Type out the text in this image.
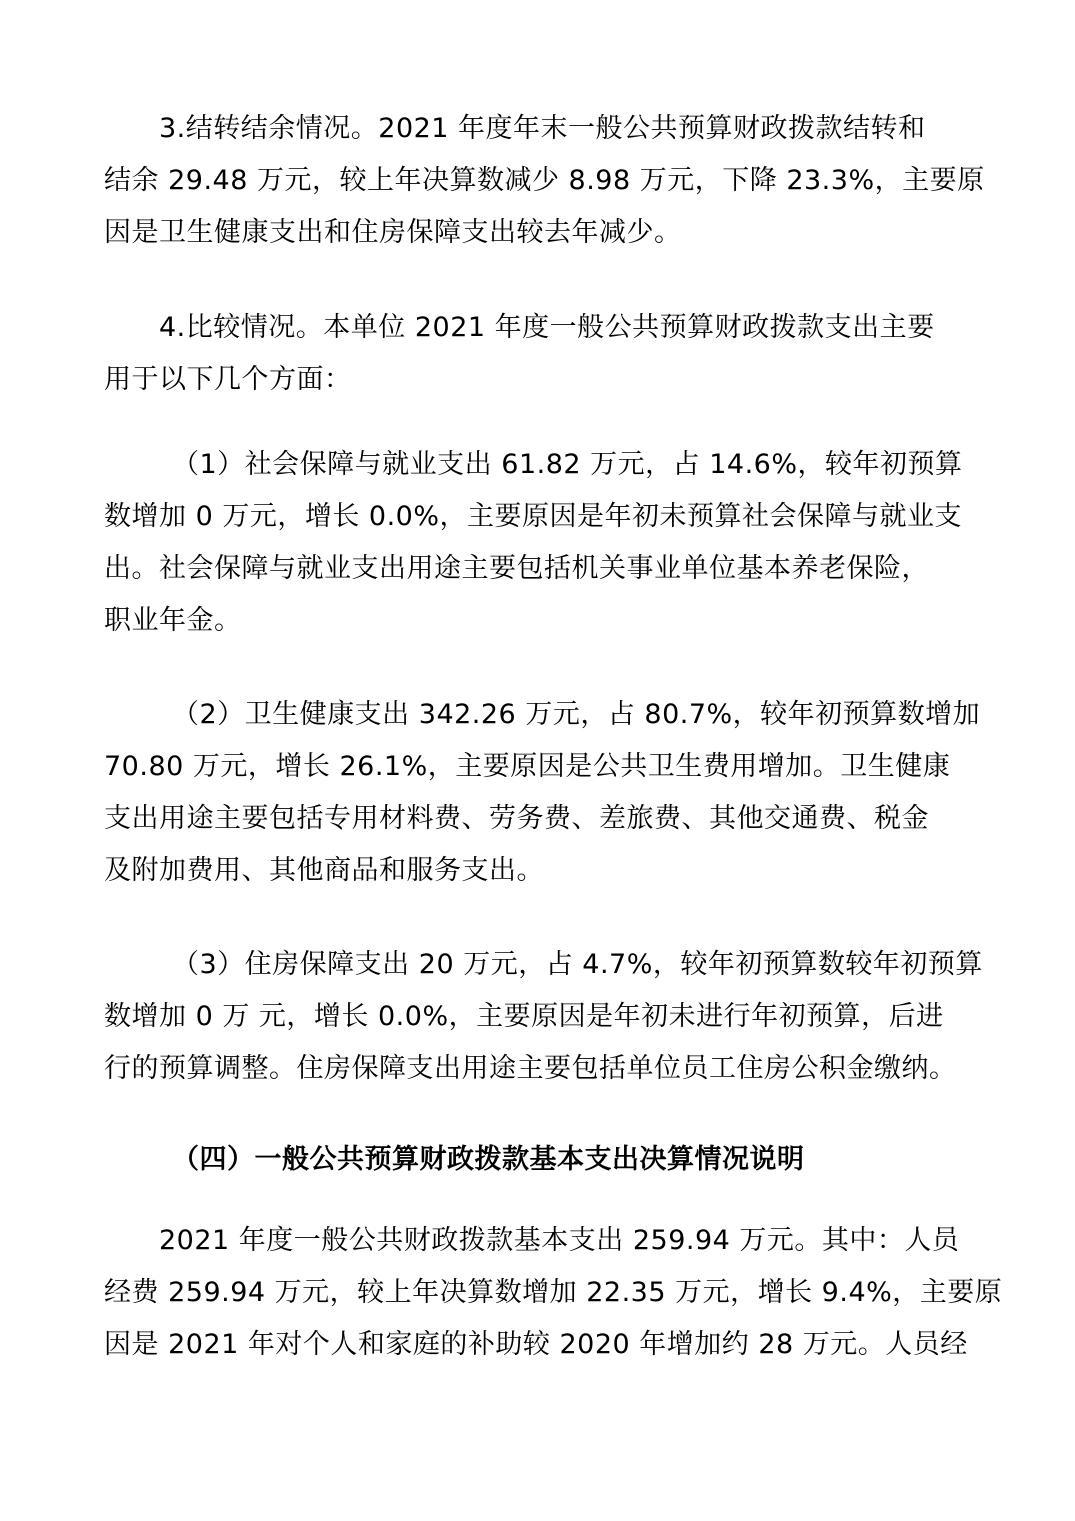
3.结转结余情况。2021 年度年末一般公共预算财政拨款结转和
结余 29.48 万元，较上年决算数减少 8.98 万元，下降 23.3%，主要原
因是卫生健康支出和住房保障支出较去年减少。
4.比较情况。本单位 2021 年度一般公共预算财政拨款支出主要
用于以下几个方面：
（1）社会保障与就业支出 61.82 万元，占 14.6%，较年初预算
数增加 0 万元，增长 0.0%，主要原因是年初未预算社会保障与就业支
出。社会保障与就业支出用途主要包括机关事业单位基本养老保险，
职业年金。
（2）卫生健康支出 342.26 万元，占 80.7%，较年初预算数增加
70.80 万元，增长 26.1%，主要原因是公共卫生费用增加。卫生健康
支出用途主要包括专用材料费、劳务费、差旅费、其他交通费、税金
及附加费用、其他商品和服务支出。
（3）住房保障支出 20 万元，占 4.7%，较年初预算数较年初预算
数增加 0 万 元，增长 0.0%，主要原因是年初未进行年初预算，后进
行的预算调整。住房保障支出用途主要包括单位员工住房公积金缴纳。
（四）一般公共预算财政拨款基本支出决算情况说明
2021 年度一般公共财政拨款基本支出 259.94 万元。其中：人员
经费 259.94 万元，较上年决算数增加 22.35 万元，增长 9.4%，主要原
因是 2021 年对个人和家庭的补助较 2020 年增加约 28 万元。人员经
